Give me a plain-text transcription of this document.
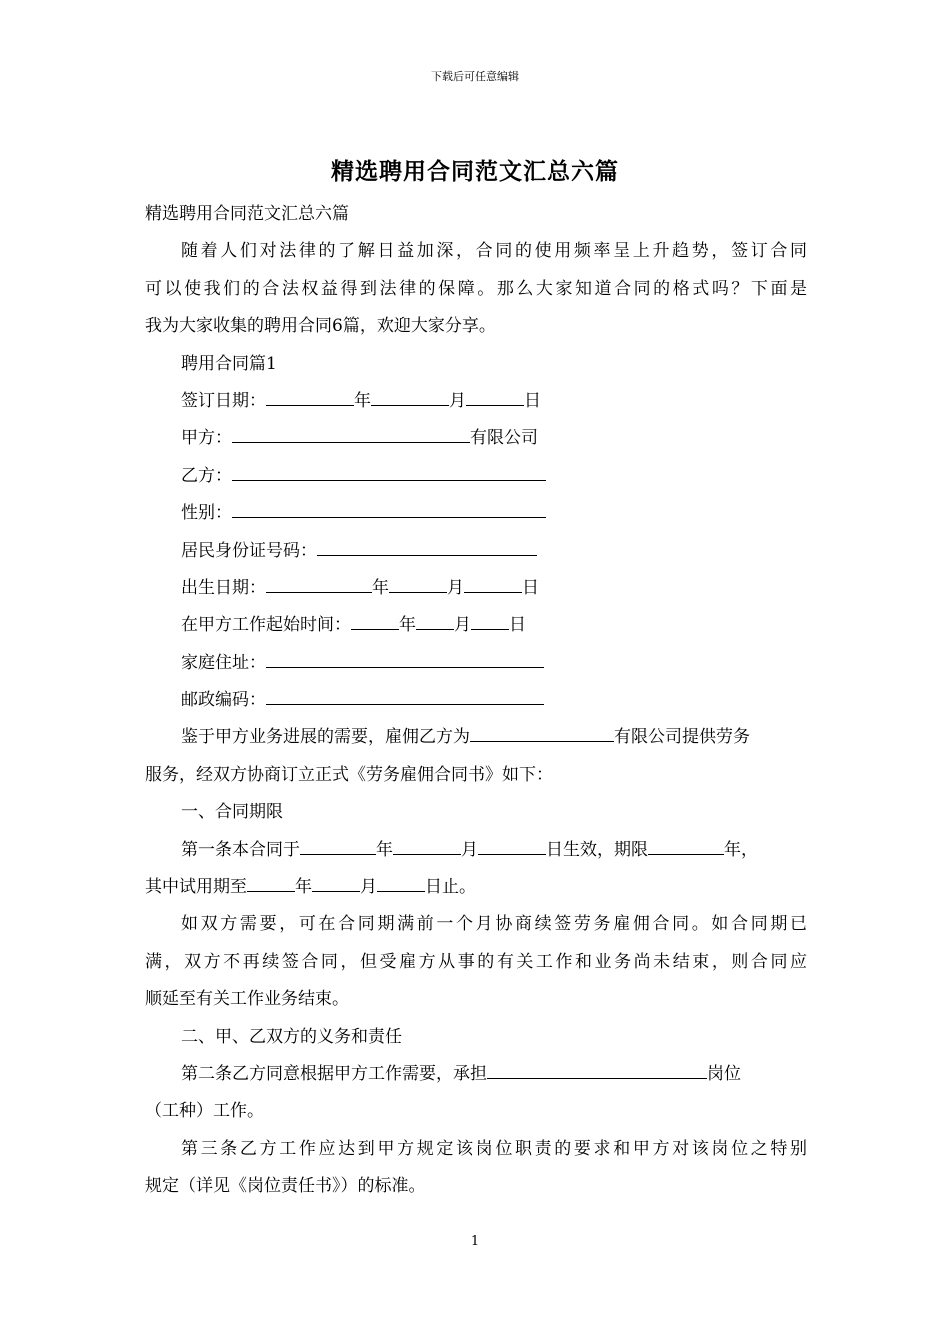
下载后可任意编辑
精选聘用合同范文汇总六篇
精选聘用合同范文汇总六篇
随着人们对法律的了解日益加深，合同的使用频率呈上升趋势，签订合同
可以使我们的合法权益得到法律的保障。那么大家知道合同的格式吗？下面是
我为大家收集的聘用合同6篇，欢迎大家分享。
聘用合同篇1
签订日期：	年	月	日
甲方：	有限公司
乙方：
性别：
居民身份证号码：
出生日期：	年	月	日
在甲方工作起始时间：	年 月 日
家庭住址：
邮政编码：
鉴于甲方业务进展的需要，雇佣乙方为	有限公司提供劳务
服务，经双方协商订立正式《劳务雇佣合同书》如下：
一、合同期限
第一条本合同于	年	月	日生效，期限	年，
其中试用期至	年	月	日止。
如双方需要，可在合同期满前一个月协商续签劳务雇佣合同。如合同期已
满，双方不再续签合同，但受雇方从事的有关工作和业务尚未结束，则合同应
顺延至有关工作业务结束。
二、甲、乙双方的义务和责任
第二条乙方同意根据甲方工作需要，承担	岗位
（工种）工作。
第三条乙方工作应达到甲方规定该岗位职责的要求和甲方对该岗位之特别
规定（详见《岗位责任书》）的标准。
1
